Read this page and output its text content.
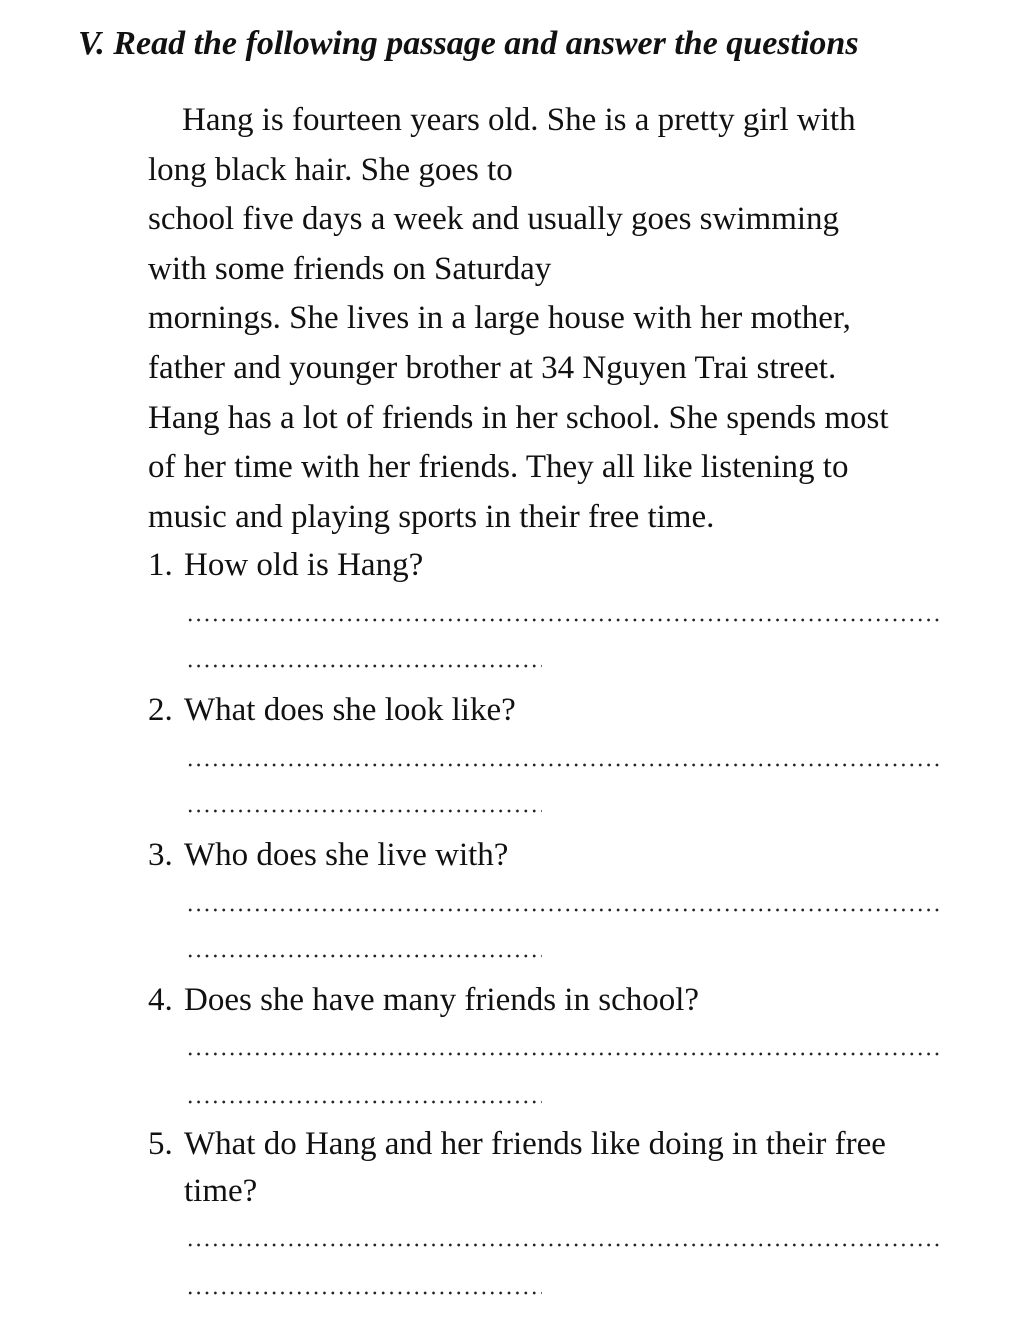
V. Read the following passage and answer the questions
Hang is fourteen years old. She is a pretty girl with
long black hair. She goes to
school five days a week and usually goes swimming
with some friends on Saturday
mornings. She lives in a large house with her mother,
father and younger brother at 34 Nguyen Trai street.
Hang has a lot of friends in her school. She spends most
of her time with her friends. They all like listening to
music and playing sports in their free time.
1. How old is Hang?
2. What does she look like?
3. Who does she live with?
4. Does she have many friends in school?
5. What do Hang and her friends like doing in their free
time?
